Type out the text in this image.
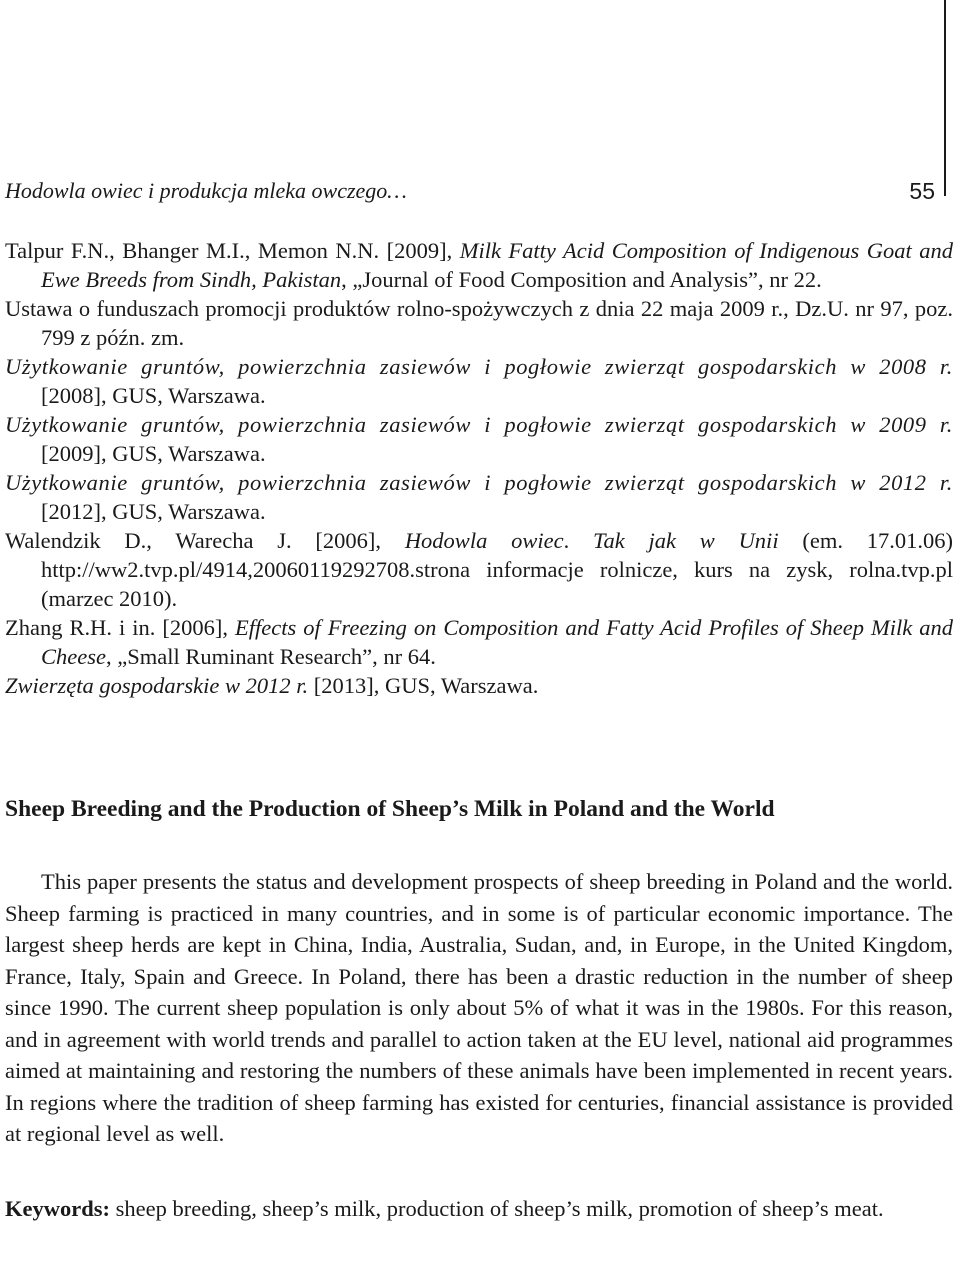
Hodowla owiec i produkcja mleka owczego…	55

Talpur F.N., Bhanger M.I., Memon N.N. [2009], Milk Fatty Acid Composition of Indigenous Goat and Ewe Breeds from Sindh, Pakistan, „Journal of Food Composition and Analysis”, nr 22.

Ustawa o funduszach promocji produktów rolno-spożywczych z dnia 22 maja 2009 r., Dz.U. nr 97, poz. 799 z późn. zm.

Użytkowanie gruntów, powierzchnia zasiewów i pogłowie zwierząt gospodarskich w 2008 r. [2008], GUS, Warszawa.

Użytkowanie gruntów, powierzchnia zasiewów i pogłowie zwierząt gospodarskich w 2009 r. [2009], GUS, Warszawa.

Użytkowanie gruntów, powierzchnia zasiewów i pogłowie zwierząt gospodarskich w 2012 r. [2012], GUS, Warszawa.

Walendzik D., Warecha J. [2006], Hodowla owiec. Tak jak w Unii (em. 17.01.06) http://ww2.tvp.pl/4914,20060119292708.strona informacje rolnicze, kurs na zysk, rolna.tvp.pl (marzec 2010).

Zhang R.H. i in. [2006], Effects of Freezing on Composition and Fatty Acid Profiles of Sheep Milk and Cheese, „Small Ruminant Research”, nr 64.

Zwierzęta gospodarskie w 2012 r. [2013], GUS, Warszawa.

Sheep Breeding and the Production of Sheep’s Milk in Poland and the World

This paper presents the status and development prospects of sheep breeding in Poland and the world. Sheep farming is practiced in many countries, and in some is of particular economic importance. The largest sheep herds are kept in China, India, Australia, Sudan, and, in Europe, in the United Kingdom, France, Italy, Spain and Greece. In Poland, there has been a drastic reduction in the number of sheep since 1990. The current sheep population is only about 5% of what it was in the 1980s. For this reason, and in agreement with world trends and parallel to action taken at the EU level, national aid programmes aimed at maintaining and restoring the numbers of these animals have been implemented in recent years. In regions where the tradition of sheep farming has existed for centuries, financial assistance is provided at regional level as well.

Keywords: sheep breeding, sheep’s milk, production of sheep’s milk, promotion of sheep’s meat.
